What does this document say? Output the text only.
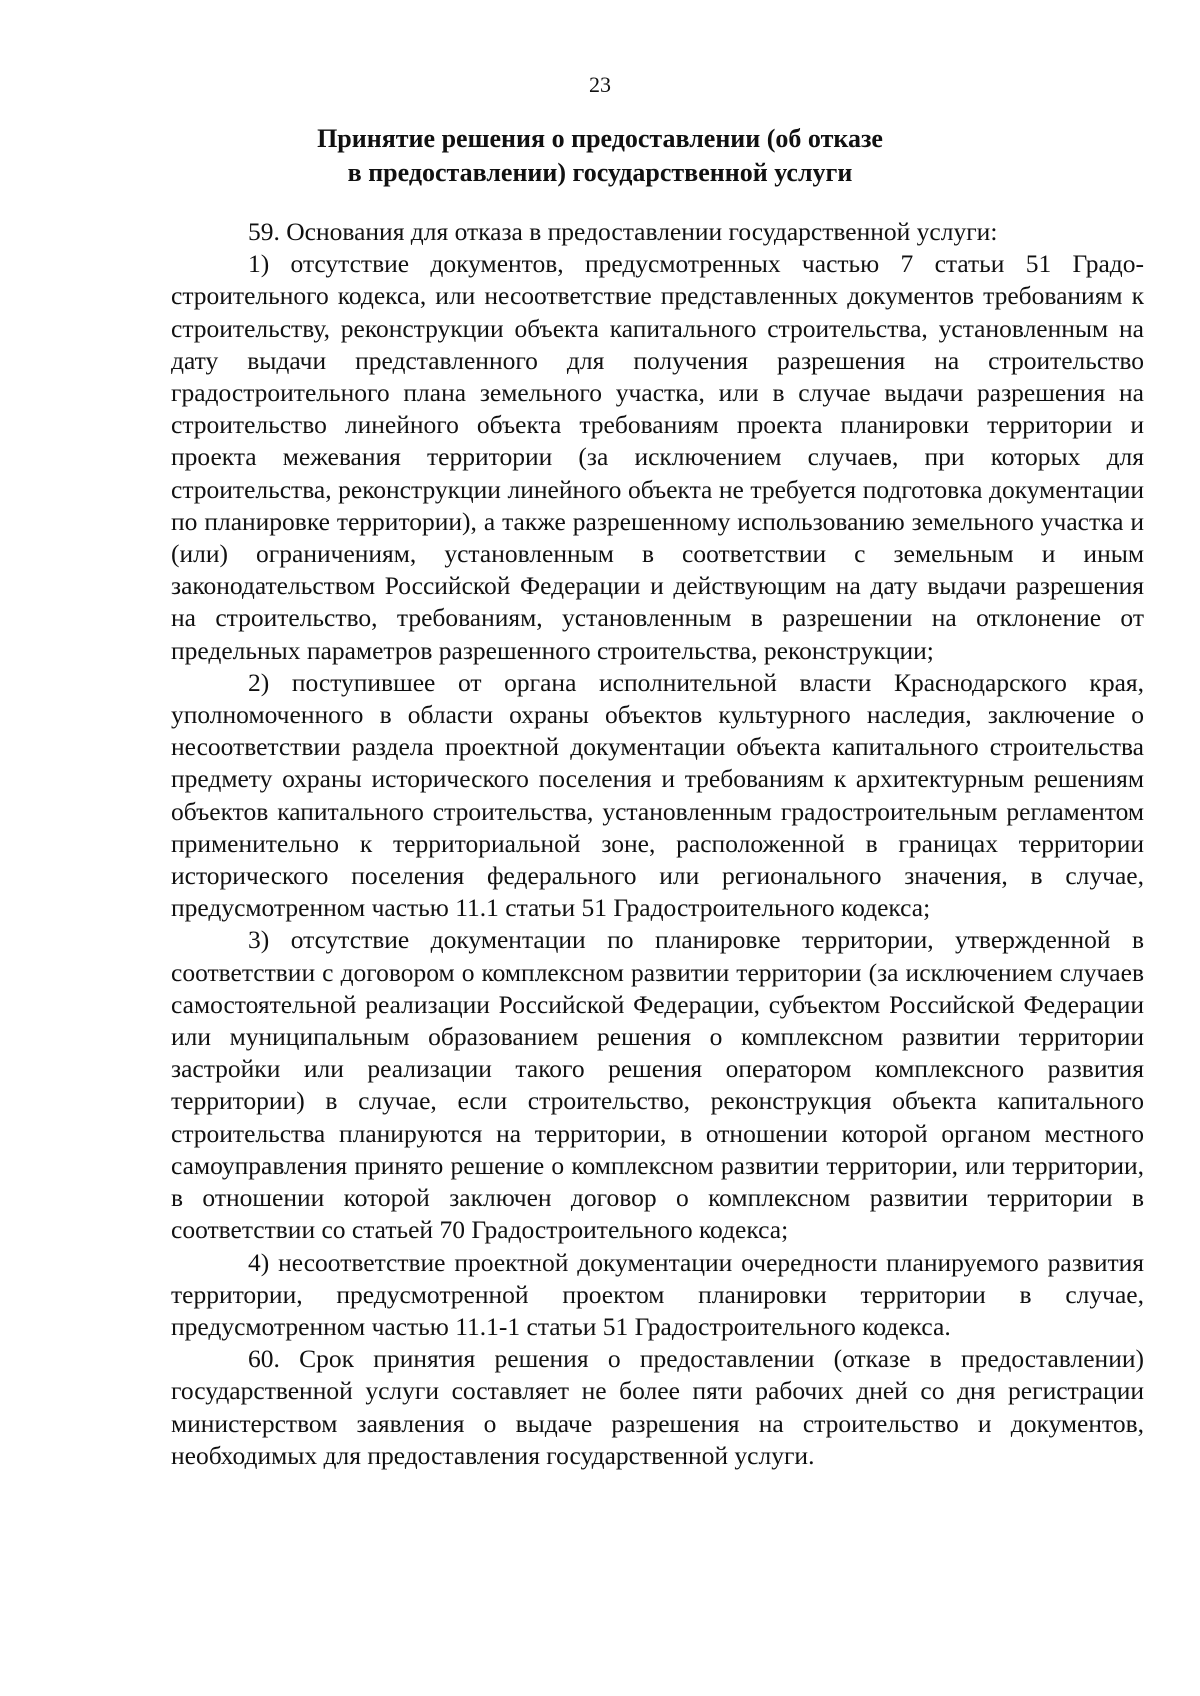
23
Принятие решения о предоставлении (об отказе
в предоставлении) государственной услуги

59. Основания для отказа в предоставлении государственной услуги:

1) отсутствие документов, предусмотренных частью 7 статьи 51 Градостроительного кодекса, или несоответствие представленных документов требованиям к строительству, реконструкции объекта капитального строительства, установленным на дату выдачи представленного для получения разрешения на строительство градостроительного плана земельного участка, или в случае выдачи разрешения на строительство линейного объекта требованиям проекта планировки территории и проекта межевания территории (за исключением случаев, при которых для строительства, реконструкции линейного объекта не требуется подготовка документации по планировке территории), а также разрешенному использованию земельного участка и (или) ограничениям, установленным в соответствии с земельным и иным законодательством Российской Федерации и действующим на дату выдачи разрешения на строительство, требованиям, установленным в разрешении на отклонение от предельных параметров разрешенного строительства, реконструкции;

2) поступившее от органа исполнительной власти Краснодарского края, уполномоченного в области охраны объектов культурного наследия, заключение о несоответствии раздела проектной документации объекта капитального строительства предмету охраны исторического поселения и требованиям к архитектурным решениям объектов капитального строительства, установленным градостроительным регламентом применительно к территориальной зоне, расположенной в границах территории исторического поселения федерального или регионального значения, в случае, предусмотренном частью 11.1 статьи 51 Градостроительного кодекса;

3) отсутствие документации по планировке территории, утвержденной в соответствии с договором о комплексном развитии территории (за исключением случаев самостоятельной реализации Российской Федерации, субъектом Российской Федерации или муниципальным образованием решения о комплексном развитии территории застройки или реализации такого решения оператором комплексного развития территории) в случае, если строительство, реконструкция объекта капитального строительства планируются на территории, в отношении которой органом местного самоуправления принято решение о комплексном развитии территории, или территории, в отношении которой заключен договор о комплексном развитии территории в соответствии со статьей 70 Градостроительного кодекса;

4) несоответствие проектной документации очередности планируемого развития территории, предусмотренной проектом планировки территории в случае, предусмотренном частью 11.1-1 статьи 51 Градостроительного кодекса.

60. Срок принятия решения о предоставлении (отказе в предоставлении) государственной услуги составляет не более пяти рабочих дней со дня регистрации министерством заявления о выдаче разрешения на строительство и документов, необходимых для предоставления государственной услуги.
